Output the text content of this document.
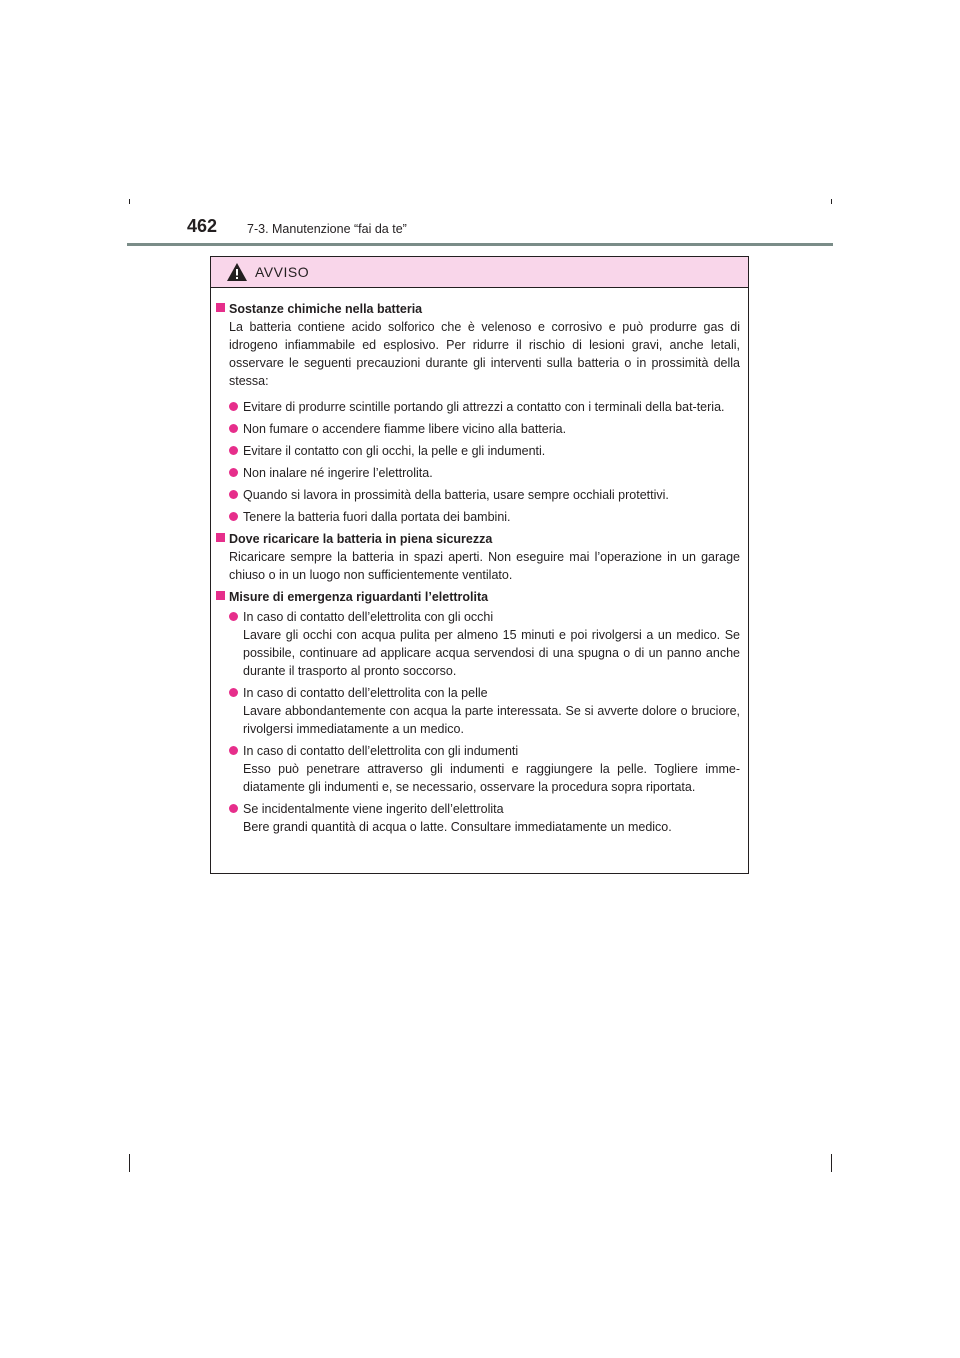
462 7-3. Manutenzione “fai da te”
AVVISO
Sostanze chimiche nella batteria
La batteria contiene acido solforico che è velenoso e corrosivo e può produrre gas di idrogeno infiammabile ed esplosivo. Per ridurre il rischio di lesioni gravi, anche letali, osservare le seguenti precauzioni durante gli interventi sulla batteria o in prossimità della stessa:
Evitare di produrre scintille portando gli attrezzi a contatto con i terminali della bat-teria.
Non fumare o accendere fiamme libere vicino alla batteria.
Evitare il contatto con gli occhi, la pelle e gli indumenti.
Non inalare né ingerire l’elettrolita.
Quando si lavora in prossimità della batteria, usare sempre occhiali protettivi.
Tenere la batteria fuori dalla portata dei bambini.
Dove ricaricare la batteria in piena sicurezza
Ricaricare sempre la batteria in spazi aperti. Non eseguire mai l’operazione in un garage chiuso o in un luogo non sufficientemente ventilato.
Misure di emergenza riguardanti l’elettrolita
In caso di contatto dell’elettrolita con gli occhi
Lavare gli occhi con acqua pulita per almeno 15 minuti e poi rivolgersi a un medico. Se possibile, continuare ad applicare acqua servendosi di una spugna o di un panno anche durante il trasporto al pronto soccorso.
In caso di contatto dell’elettrolita con la pelle
Lavare abbondantemente con acqua la parte interessata. Se si avverte dolore o bruciore, rivolgersi immediatamente a un medico.
In caso di contatto dell’elettrolita con gli indumenti
Esso può penetrare attraverso gli indumenti e raggiungere la pelle. Togliere imme-diatamente gli indumenti e, se necessario, osservare la procedura sopra riportata.
Se incidentalmente viene ingerito dell’elettrolita
Bere grandi quantità di acqua o latte. Consultare immediatamente un medico.
